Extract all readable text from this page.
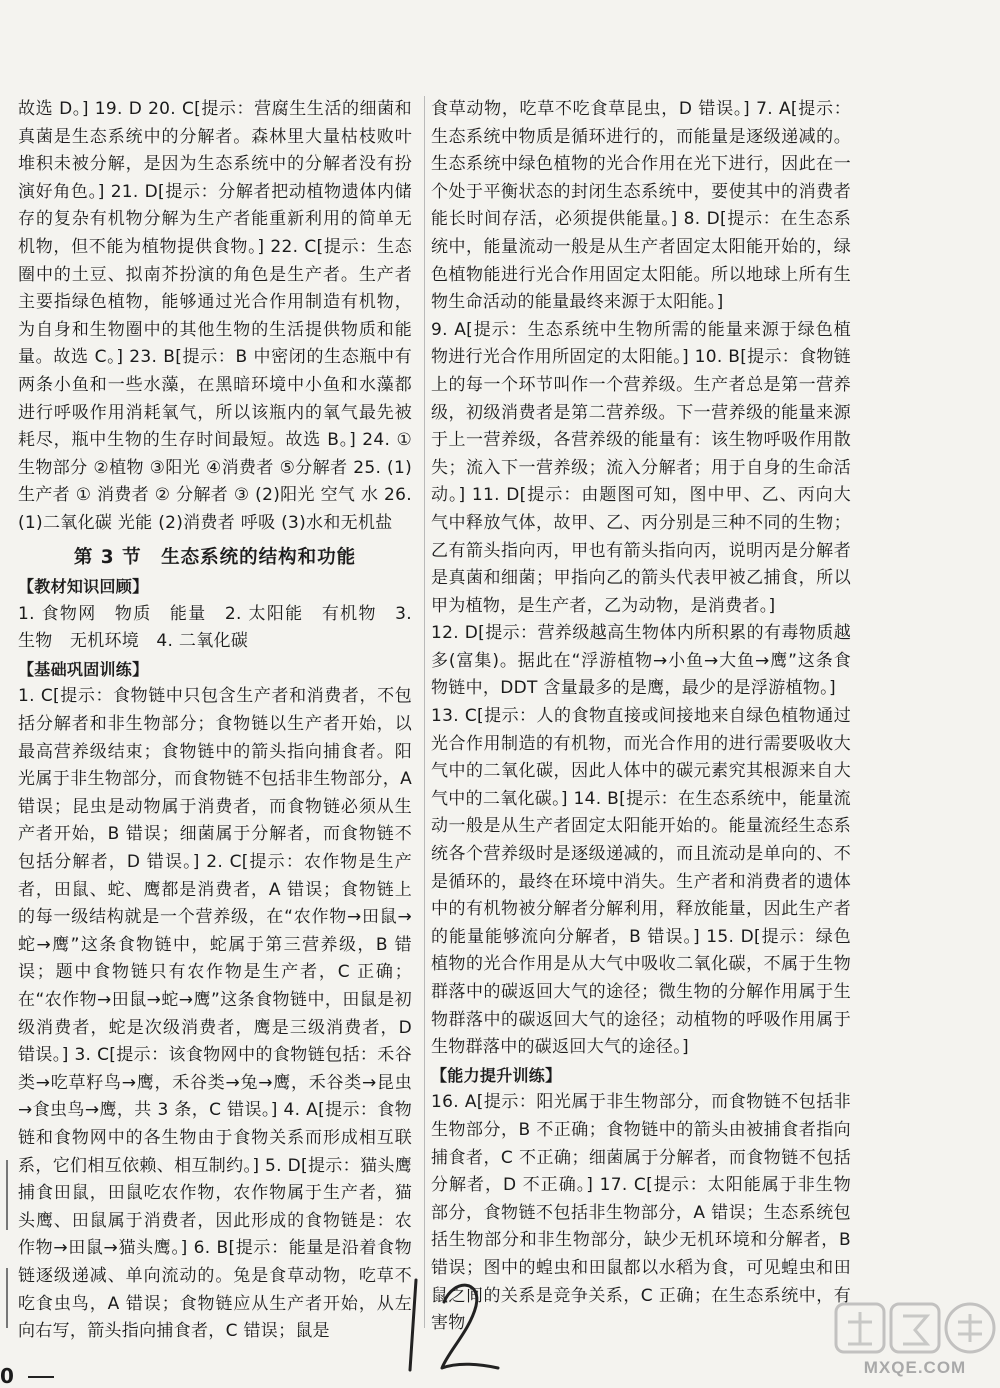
故选 D。] 19. D 20. C[提示：营腐生生活的细菌和真菌是生态系统中的分解者。森林里大量枯枝败叶堆积未被分解，是因为生态系统中的分解者没有扮演好角色。] 21. D[提示：分解者把动植物遗体内储存的复杂有机物分解为生产者能重新利用的简单无机物，但不能为植物提供食物。] 22. C[提示：生态圈中的土豆、拟南芥扮演的角色是生产者。生产者主要指绿色植物，能够通过光合作用制造有机物，为自身和生物圈中的其他生物的生活提供物质和能量。故选 C。] 23. B[提示：B 中密闭的生态瓶中有两条小鱼和一些水藻，在黑暗环境中小鱼和水藻都进行呼吸作用消耗氧气，所以该瓶内的氧气最先被耗尽，瓶中生物的生存时间最短。故选 B。] 24. ①生物部分 ②植物 ③阳光 ④消费者 ⑤分解者 25. (1)生产者 ① 消费者 ② 分解者 ③ (2)阳光 空气 水 26. (1)二氧化碳 光能 (2)消费者 呼吸 (3)水和无机盐

第 3 节　生态系统的结构和功能

【教材知识回顾】

1. 食物网　物质　能量　2. 太阳能　有机物　3. 生物　无机环境　4. 二氧化碳

【基础巩固训练】

1. C[提示：食物链中只包含生产者和消费者，不包括分解者和非生物部分；食物链以生产者开始，以最高营养级结束；食物链中的箭头指向捕食者。阳光属于非生物部分，而食物链不包括非生物部分，A 错误；昆虫是动物属于消费者，而食物链必须从生产者开始，B 错误；细菌属于分解者，而食物链不包括分解者，D 错误。] 2. C[提示：农作物是生产者，田鼠、蛇、鹰都是消费者，A 错误；食物链上的每一级结构就是一个营养级，在“农作物→田鼠→蛇→鹰”这条食物链中，蛇属于第三营养级，B 错误；题中食物链只有农作物是生产者，C 正确；在“农作物→田鼠→蛇→鹰”这条食物链中，田鼠是初级消费者，蛇是次级消费者，鹰是三级消费者，D 错误。] 3. C[提示：该食物网中的食物链包括：禾谷类→吃草籽鸟→鹰，禾谷类→兔→鹰，禾谷类→昆虫→食虫鸟→鹰，共 3 条，C 错误。] 4. A[提示：食物链和食物网中的各生物由于食物关系而形成相互联系，它们相互依赖、相互制约。] 5. D[提示：猫头鹰捕食田鼠，田鼠吃农作物，农作物属于生产者，猫头鹰、田鼠属于消费者，因此形成的食物链是：农作物→田鼠→猫头鹰。] 6. B[提示：能量是沿着食物链逐级递减、单向流动的。兔是食草动物，吃草不吃食虫鸟，A 错误；食物链应从生产者开始，从左向右写，箭头指向捕食者，C 错误；鼠是

食草动物，吃草不吃食草昆虫，D 错误。] 7. A[提示：生态系统中物质是循环进行的，而能量是逐级递减的。生态系统中绿色植物的光合作用在光下进行，因此在一个处于平衡状态的封闭生态系统中，要使其中的消费者能长时间存活，必须提供能量。] 8. D[提示：在生态系统中，能量流动一般是从生产者固定太阳能开始的，绿色植物能进行光合作用固定太阳能。所以地球上所有生物生命活动的能量最终来源于太阳能。]

9. A[提示：生态系统中生物所需的能量来源于绿色植物进行光合作用所固定的太阳能。] 10. B[提示：食物链上的每一个环节叫作一个营养级。生产者总是第一营养级，初级消费者是第二营养级。下一营养级的能量来源于上一营养级，各营养级的能量有：该生物呼吸作用散失；流入下一营养级；流入分解者；用于自身的生命活动。] 11. D[提示：由题图可知，图中甲、乙、丙向大气中释放气体，故甲、乙、丙分别是三种不同的生物；乙有箭头指向丙，甲也有箭头指向丙，说明丙是分解者是真菌和细菌；甲指向乙的箭头代表甲被乙捕食，所以甲为植物，是生产者，乙为动物，是消费者。]

12. D[提示：营养级越高生物体内所积累的有毒物质越多(富集)。据此在“浮游植物→小鱼→大鱼→鹰”这条食物链中，DDT 含量最多的是鹰，最少的是浮游植物。]

13. C[提示：人的食物直接或间接地来自绿色植物通过光合作用制造的有机物，而光合作用的进行需要吸收大气中的二氧化碳，因此人体中的碳元素究其根源来自大气中的二氧化碳。] 14. B[提示：在生态系统中，能量流动一般是从生产者固定太阳能开始的。能量流经生态系统各个营养级时是逐级递减的，而且流动是单向的、不是循环的，最终在环境中消失。生产者和消费者的遗体中的有机物被分解者分解利用，释放能量，因此生产者的能量能够流向分解者，B 错误。] 15. D[提示：绿色植物的光合作用是从大气中吸收二氧化碳，不属于生物群落中的碳返回大气的途径；微生物的分解作用属于生物群落中的碳返回大气的途径；动植物的呼吸作用属于生物群落中的碳返回大气的途径。]

【能力提升训练】

16. A[提示：阳光属于非生物部分，而食物链不包括非生物部分，B 不正确；食物链中的箭头由被捕食者指向捕食者，C 不正确；细菌属于分解者，而食物链不包括分解者，D 不正确。] 17. C[提示：太阳能属于非生物部分，食物链不包括非生物部分，A 错误；生态系统包括生物部分和非生物部分，缺少无机环境和分解者，B 错误；图中的蝗虫和田鼠都以水稻为食，可见蝗虫和田鼠之间的关系是竞争关系，C 正确；在生态系统中，有害物

0	MXQE.COM
